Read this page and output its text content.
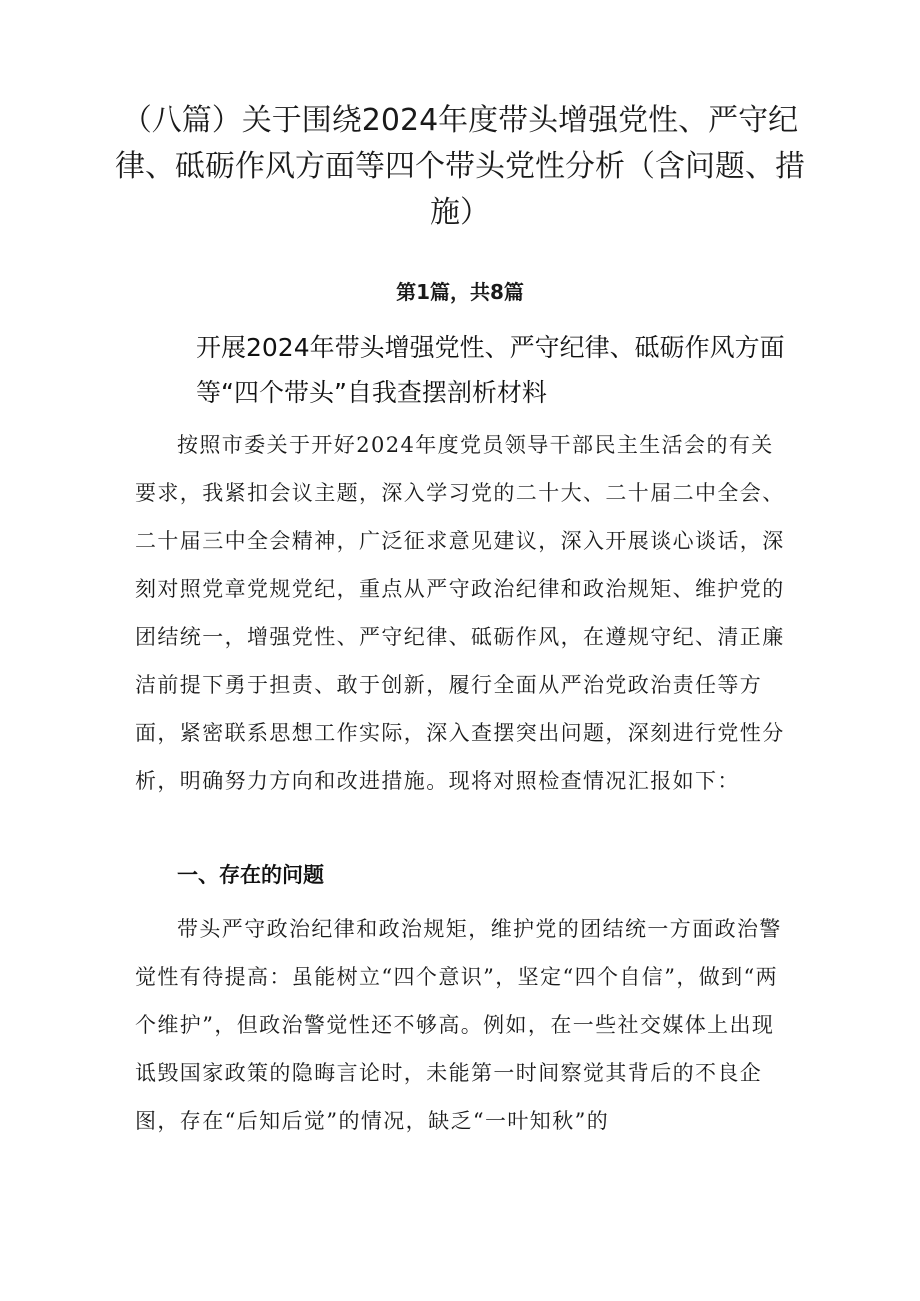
（八篇）关于围绕2024年度带头增强党性、严守纪律、砥砺作风方面等四个带头党性分析（含问题、措施）
第1篇，共8篇
开展2024年带头增强党性、严守纪律、砥砺作风方面等“四个带头”自我查摆剖析材料

按照市委关于开好2024年度党员领导干部民主生活会的有关要求，我紧扣会议主题，深入学习党的二十大、二十届二中全会、二十届三中全会精神，广泛征求意见建议，深入开展谈心谈话，深刻对照党章党规党纪，重点从严守政治纪律和政治规矩、维护党的团结统一，增强党性、严守纪律、砥砺作风，在遵规守纪、清正廉洁前提下勇于担责、敢于创新，履行全面从严治党政治责任等方面，紧密联系思想工作实际，深入查摆突出问题，深刻进行党性分析，明确努力方向和改进措施。现将对照检查情况汇报如下：

一、存在的问题

带头严守政治纪律和政治规矩，维护党的团结统一方面政治警觉性有待提高：虽能树立“四个意识”，坚定“四个自信”，做到“两个维护”，但政治警觉性还不够高。例如，在一些社交媒体上出现诋毁国家政策的隐晦言论时，未能第一时间察觉其背后的不良企图，存在“后知后觉”的情况，缺乏“一叶知秋”的
